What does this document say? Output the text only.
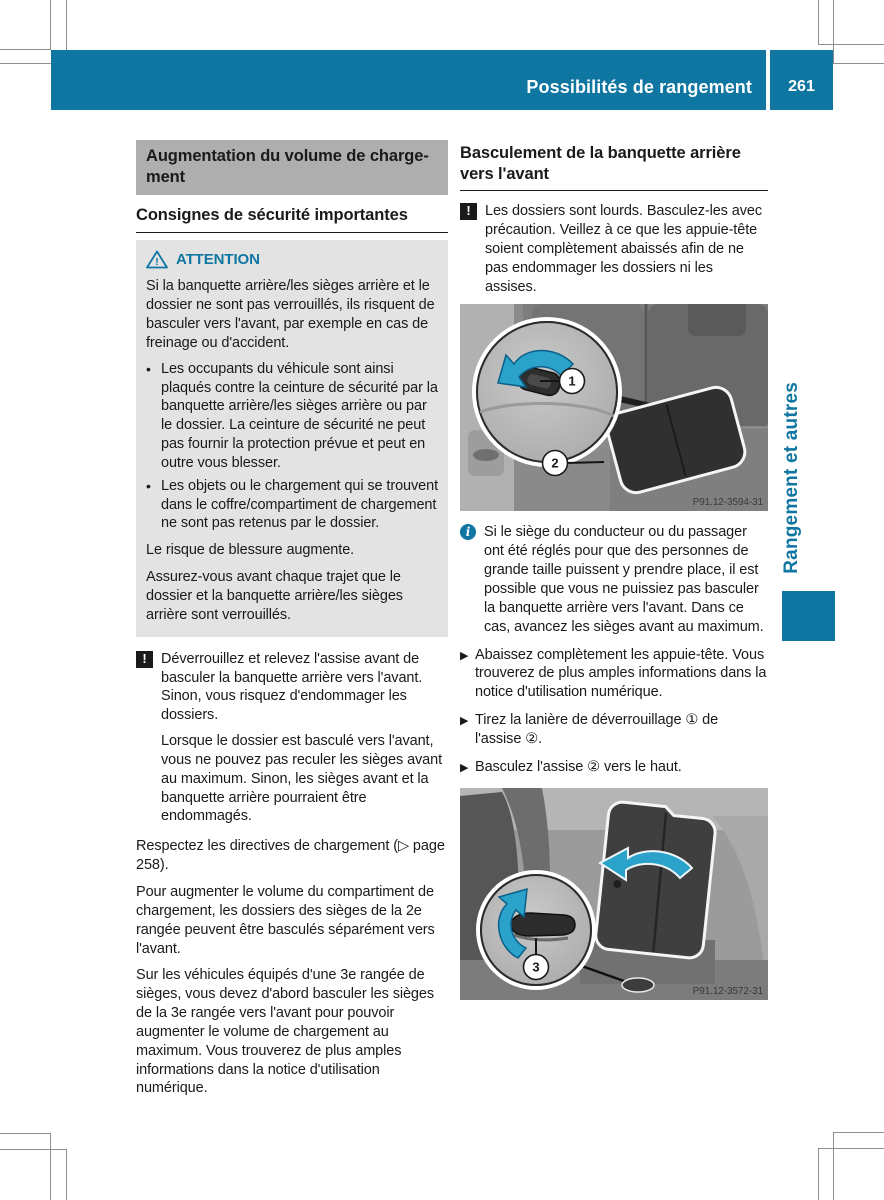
Possibilités de rangement 261
Augmentation du volume de charge-
ment
Consignes de sécurité importantes
! ATTENTION

Si la banquette arrière/les sièges arrière et le dossier ne sont pas verrouillés, ils risquent de basculer vers l'avant, par exemple en cas de freinage ou d'accident.

• Les occupants du véhicule sont ainsi plaqués contre la ceinture de sécurité par la banquette arrière/les sièges arrière ou par le dossier. La ceinture de sécurité ne peut pas fournir la protection prévue et peut en outre vous blesser.
• Les objets ou le chargement qui se trouvent dans le coffre/compartiment de chargement ne sont pas retenus par le dossier.

Le risque de blessure augmente.

Assurez-vous avant chaque trajet que le dossier et la banquette arrière/les sièges arrière sont verrouillés.

! Déverrouillez et relevez l'assise avant de basculer la banquette arrière vers l'avant. Sinon, vous risquez d'endommager les dossiers.

Lorsque le dossier est basculé vers l'avant, vous ne pouvez pas reculer les sièges avant au maximum. Sinon, les sièges avant et la banquette arrière pourraient être endommagés.

Respectez les directives de chargement (▷ page 258).

Pour augmenter le volume du compartiment de chargement, les dossiers des sièges de la 2e rangée peuvent être basculés séparément vers l'avant.

Sur les véhicules équipés d'une 3e rangée de sièges, vous devez d'abord basculer les sièges de la 3e rangée vers l'avant pour pouvoir augmenter le volume de chargement au maximum. Vous trouverez de plus amples informations dans la notice d'utilisation numérique.

Basculement de la banquette arrière vers l'avant
! Les dossiers sont lourds. Basculez-les avec précaution. Veillez à ce que les appuie-tête soient complètement abaissés afin de ne pas endommager les dossiers ni les assises.

1
2
P91.12-3594-31
i Si le siège du conducteur ou du passager ont été réglés pour que des personnes de grande taille puissent y prendre place, il est possible que vous ne puissiez pas basculer la banquette arrière vers l'avant. Dans ce cas, avancez les sièges avant au maximum.

▶ Abaissez complètement les appuie-tête. Vous trouverez de plus amples informations dans la notice d'utilisation numérique.
▶ Tirez la lanière de déverrouillage ① de l'assise ②.
▶ Basculez l'assise ② vers le haut.
3
P91.12-3572-31
Rangement et autres
